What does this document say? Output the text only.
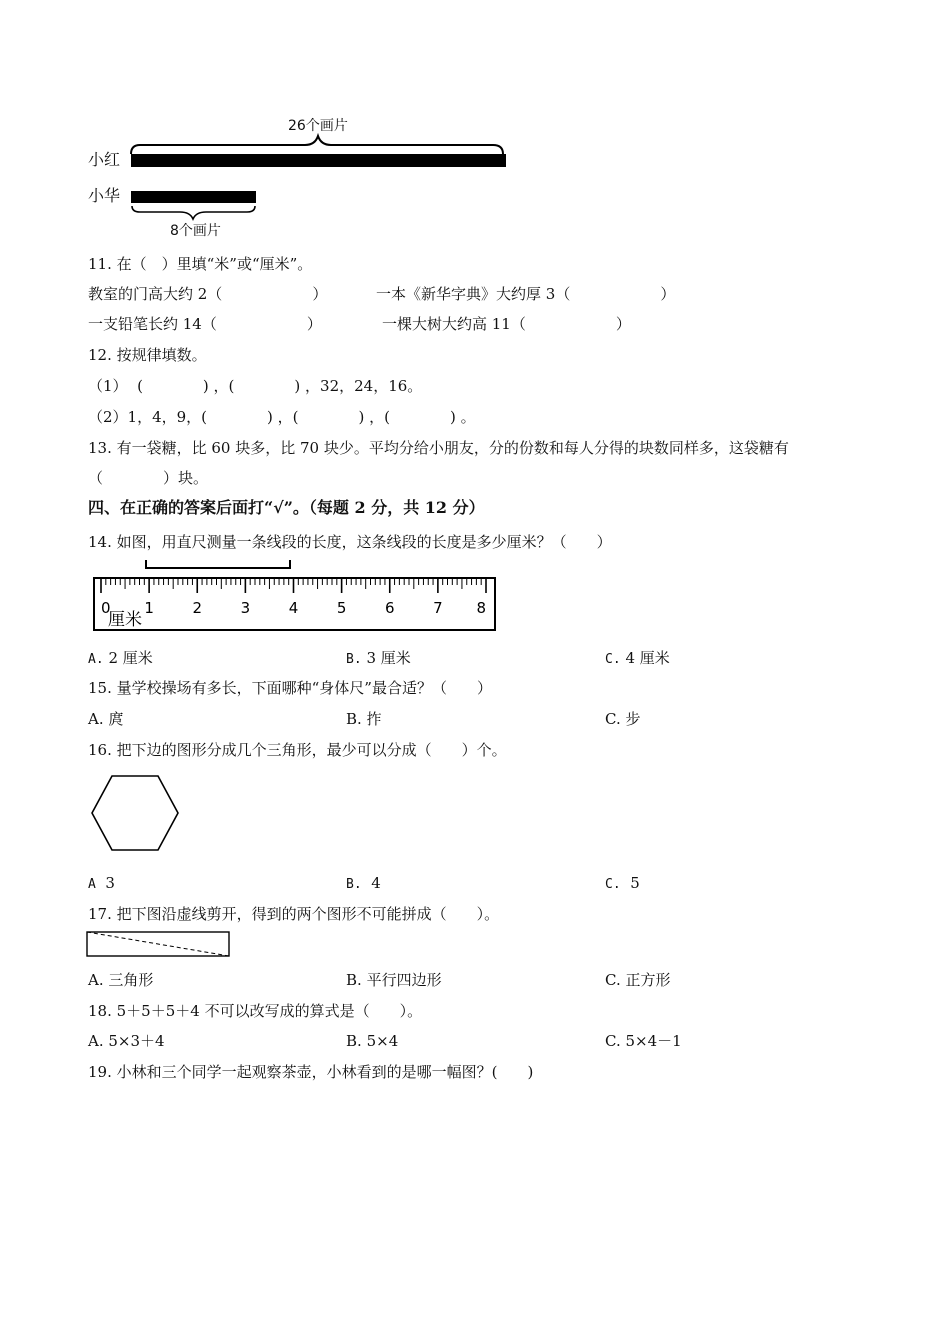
26个画片
小红
小华
8个画片
11. 在（　）里填“米”或“厘米”。
教室的门高大约 2（　　　　　　）	一本《新华字典》大约厚 3（　　　　　　）
一支铅笔长约 14（　　　　　　）	一棵大树大约高 11（　　　　　　）
12. 按规律填数。
（1）  (　　　　) ，(　　　　) ，32，24，16。
（2）1，4，9，(　　　　) ，(　　　　) ，(　　　　) 。
13. 有一袋糖，比 60 块多，比 70 块少。平均分给小朋友，分的份数和每人分得的块数同样多，这袋糖有
（　　　　）块。
四、在正确的答案后面打“√”。（每题 2 分，共 12 分）
14. 如图，用直尺测量一条线段的长度，这条线段的长度是多少厘米？（　　）
0 1	2	3	4	5	6	7 8
厘米
A. 2 厘米	B. 3 厘米	C. 4 厘米
15. 量学校操场有多长，下面哪种“身体尺”最合适？（　　）
A. 庹	B. 拃	C. 步
16. 把下边的图形分成几个三角形，最少可以分成（　　）个。
A 3	B. 4	C. 5
17. 把下图沿虚线剪开，得到的两个图形不可能拼成（　　）。
A. 三角形	B. 平行四边形	C. 正方形
18. 5＋5＋5＋4 不可以改写成的算式是（　　）。
A. 5×3＋4	B. 5×4	C. 5×4－1
19. 小林和三个同学一起观察茶壶，小林看到的是哪一幅图？(　　)
